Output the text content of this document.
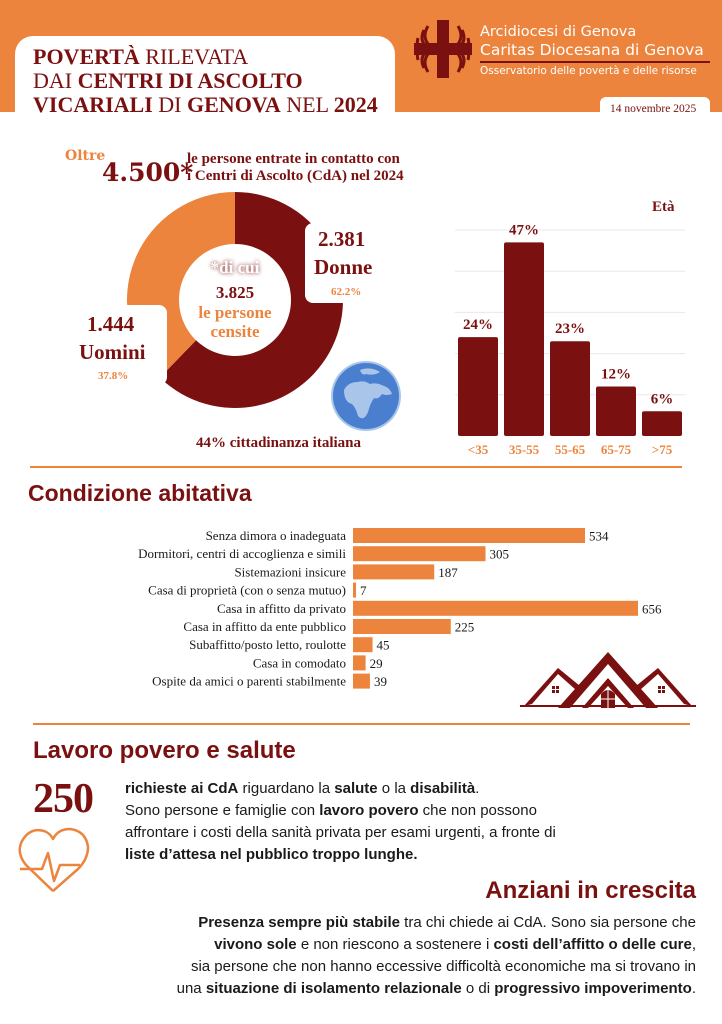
POVERTÀ RILEVATA
DAI CENTRI DI ASCOLTO
VICARIALI DI GENOVA NEL 2024
Arcidiocesi di Genova
Caritas Diocesana di Genova
Osservatorio delle povertà e delle risorse
14 novembre 2025
Oltre
4.500*
le persone entrate in contatto con
i Centri di Ascolto (CdA) nel 2024
*di cui
3.825
le persone
censite
2.381
Donne
62.2%
1.444
Uomini
37.8%
44% cittadinanza italiana
Età
24%
<35
47%
35-55
23%
55-65
12%
65-75
6%
>75
Condizione abitativa
Senza dimora o inadeguata	534
Dormitori, centri di accoglienza e simili	305
Sistemazioni insicure	187
Casa di proprietà (con o senza mutuo) 7
Casa in affitto da privato	656
Casa in affitto da ente pubblico	225
Subaffitto/posto letto, roulotte 45
Casa in comodato 29
Ospite da amici o parenti stabilmente 39
Lavoro povero e salute
250 richieste ai CdA riguardano la salute o la disabilità.
Sono persone e famiglie con lavoro povero che non possono
affrontare i costi della sanità privata per esami urgenti, a fronte di
liste d’attesa nel pubblico troppo lunghe.
Anziani in crescita
Presenza sempre più stabile tra chi chiede ai CdA. Sono sia persone che
vivono sole e non riescono a sostenere i costi dell’affitto o delle cure,
sia persone che non hanno eccessive difficoltà economiche ma si trovano in
una situazione di isolamento relazionale o di progressivo impoverimento.
